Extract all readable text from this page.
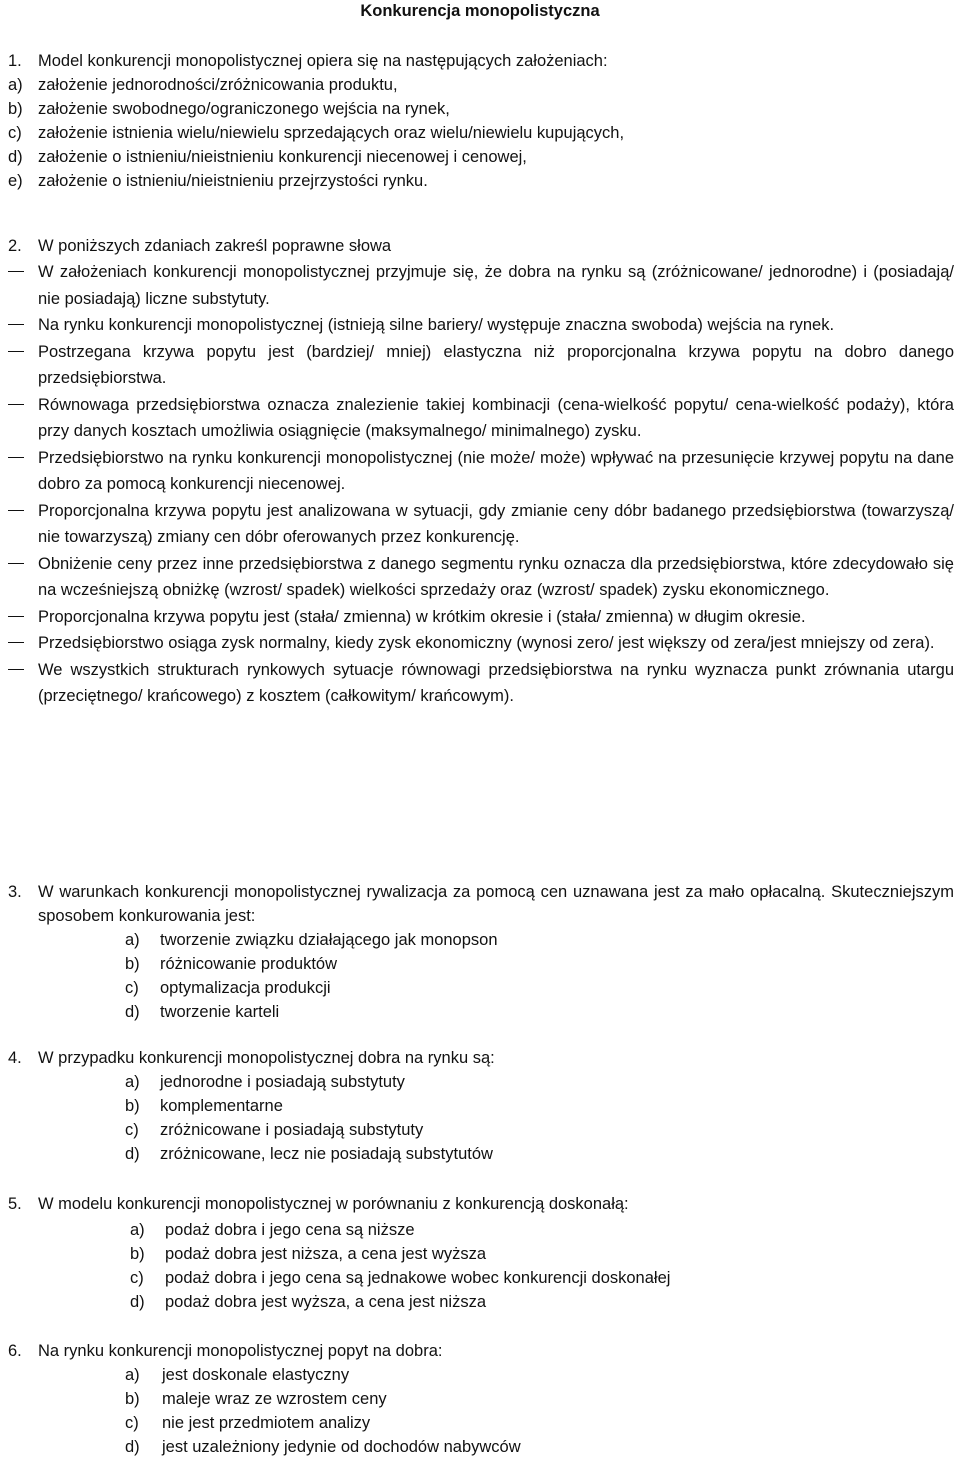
Konkurencja monopolistyczna
1. Model konkurencji monopolistycznej opiera się na następujących założeniach:
a) założenie jednorodności/zróżnicowania produktu,
b) założenie swobodnego/ograniczonego wejścia na rynek,
c) założenie istnienia wielu/niewielu sprzedających oraz wielu/niewielu kupujących,
d) założenie o istnieniu/nieistnieniu konkurencji niecenowej i cenowej,
e) założenie o istnieniu/nieistnieniu przejrzystości rynku.
2. W poniższych zdaniach zakreśl poprawne słowa
W założeniach konkurencji monopolistycznej przyjmuje się, że dobra na rynku są (zróżnicowane/ jednorodne) i (posiadają/ nie posiadają) liczne substytuty.
Na rynku konkurencji monopolistycznej (istnieją silne bariery/ występuje znaczna swoboda) wejścia na rynek.
Postrzegana krzywa popytu jest (bardziej/ mniej) elastyczna niż proporcjonalna krzywa popytu na dobro danego przedsiębiorstwa.
Równowaga przedsiębiorstwa oznacza znalezienie takiej kombinacji (cena-wielkość popytu/ cena-wielkość podaży), która przy danych kosztach umożliwia osiągnięcie (maksymalnego/ minimalnego) zysku.
Przedsiębiorstwo na rynku konkurencji monopolistycznej (nie może/ może) wpływać na przesunięcie krzywej popytu na dane dobro za pomocą konkurencji niecenowej.
Proporcjonalna krzywa popytu jest analizowana w sytuacji, gdy zmianie ceny dóbr badanego przedsiębiorstwa (towarzyszą/ nie towarzyszą) zmiany cen dóbr oferowanych przez konkurencję.
Obniżenie ceny przez inne przedsiębiorstwa z danego segmentu rynku oznacza dla przedsiębiorstwa, które zdecydowało się na wcześniejszą obniżkę (wzrost/ spadek) wielkości sprzedaży oraz (wzrost/ spadek) zysku ekonomicznego.
Proporcjonalna krzywa popytu jest (stała/ zmienna) w krótkim okresie i (stała/ zmienna) w długim okresie.
Przedsiębiorstwo osiąga zysk normalny, kiedy zysk ekonomiczny (wynosi zero/ jest większy od zera/jest mniejszy od zera).
We wszystkich strukturach rynkowych sytuacje równowagi przedsiębiorstwa na rynku wyznacza punkt zrównania utargu (przeciętnego/ krańcowego) z kosztem (całkowitym/ krańcowym).
3. W warunkach konkurencji monopolistycznej rywalizacja za pomocą cen uznawana jest za mało opłacalną. Skuteczniejszym sposobem konkurowania jest:
a) tworzenie związku działającego jak monopson
b) różnicowanie produktów
c) optymalizacja produkcji
d) tworzenie karteli
4. W przypadku konkurencji monopolistycznej dobra na rynku są:
a) jednorodne i posiadają substytuty
b) komplementarne
c) zróżnicowane i posiadają substytuty
d) zróżnicowane, lecz nie posiadają substytutów
5. W modelu konkurencji monopolistycznej w porównaniu z konkurencją doskonałą:
a) podaż dobra i jego cena są niższe
b) podaż dobra jest niższa, a cena jest wyższa
c) podaż dobra i jego cena są jednakowe wobec konkurencji doskonałej
d) podaż dobra jest wyższa, a cena jest niższa
6. Na rynku konkurencji monopolistycznej popyt na dobra:
a) jest doskonale elastyczny
b) maleje wraz ze wzrostem ceny
c) nie jest przedmiotem analizy
d) jest uzależniony jedynie od dochodów nabywców
